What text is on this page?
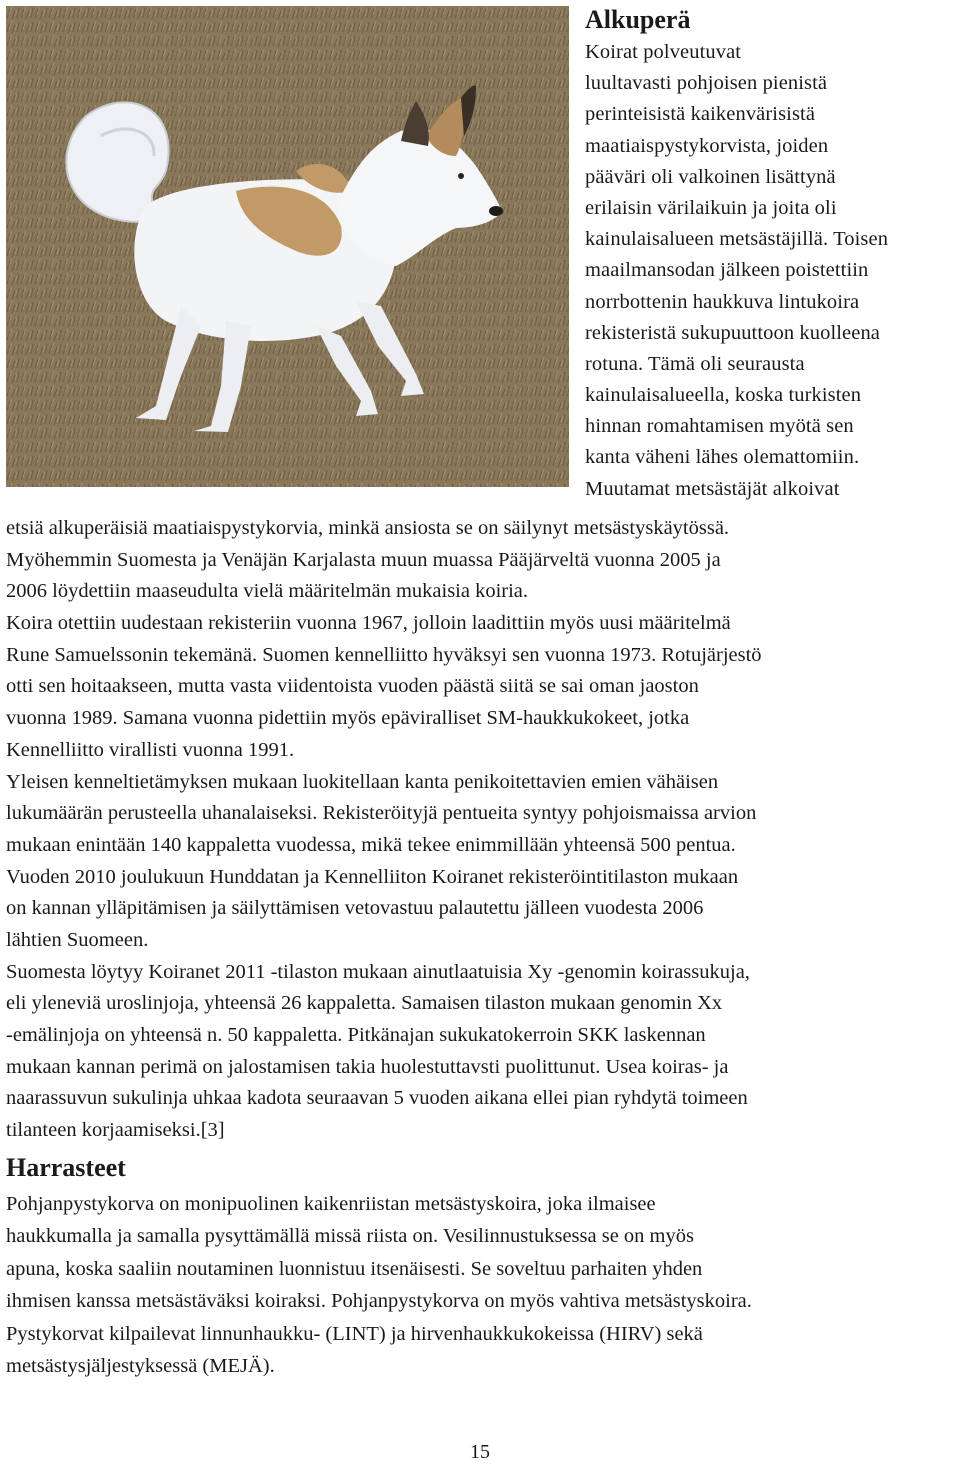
Alkuperä
Koirat polveutuvat
luultavasti pohjoisen pienistä
perinteisistä kaikenvärisistä
maatiaispystykorvista, joiden
pääväri oli valkoinen lisättynä
erilaisin värilaikuin ja joita oli
kainulaisalueen metsästäjillä. Toisen
maailmansodan jälkeen poistettiin
norrbottenin haukkuva lintukoira
rekisteristä sukupuuttoon kuolleena
rotuna. Tämä oli seurausta
kainulaisalueella, koska turkisten
hinnan romahtamisen myötä sen
kanta väheni lähes olemattomiin.
Muutamat metsästäjät alkoivat
etsiä alkuperäisiä maatiaispystykorvia, minkä ansiosta se on säilynyt metsästyskäytössä.
Myöhemmin Suomesta ja Venäjän Karjalasta muun muassa Pääjärveltä vuonna 2005 ja
2006 löydettiin maaseudulta vielä määritelmän mukaisia koiria.
Koira otettiin uudestaan rekisteriin vuonna 1967, jolloin laadittiin myös uusi määritelmä
Rune Samuelssonin tekemänä. Suomen kennelliitto hyväksyi sen vuonna 1973. Rotujärjestö
otti sen hoitaakseen, mutta vasta viidentoista vuoden päästä siitä se sai oman jaoston
vuonna 1989. Samana vuonna pidettiin myös epäviralliset SM-haukkukokeet, jotka
Kennelliitto virallisti vuonna 1991.
Yleisen kenneltietämyksen mukaan luokitellaan kanta penikoitettavien emien vähäisen
lukumäärän perusteella uhanalaiseksi. Rekisteröityjä pentueita syntyy pohjoismaissa arvion
mukaan enintään 140 kappaletta vuodessa, mikä tekee enimmillään yhteensä 500 pentua.
Vuoden 2010 joulukuun Hunddatan ja Kennelliiton Koiranet rekisteröintitilaston mukaan
on kannan ylläpitämisen ja säilyttämisen vetovastuu palautettu jälleen vuodesta 2006
lähtien Suomeen.
Suomesta löytyy Koiranet 2011 -tilaston mukaan ainutlaatuisia Xy -genomin koirassukuja,
eli yleneviä uroslinjoja, yhteensä 26 kappaletta. Samaisen tilaston mukaan genomin Xx
-emälinjoja on yhteensä n. 50 kappaletta. Pitkänajan sukukatokerroin SKK laskennan
mukaan kannan perimä on jalostamisen takia huolestuttavsti puolittunut. Usea koiras- ja
naarassuvun sukulinja uhkaa kadota seuraavan 5 vuoden aikana ellei pian ryhdytä toimeen
tilanteen korjaamiseksi.[3]
Harrasteet
Pohjanpystykorva on monipuolinen kaikenriistan metsästyskoira, joka ilmaisee
haukkumalla ja samalla pysyttämällä missä riista on. Vesilinnustuksessa se on myös
apuna, koska saaliin noutaminen luonnistuu itsenäisesti. Se soveltuu parhaiten yhden
ihmisen kanssa metsästäväksi koiraksi. Pohjanpystykorva on myös vahtiva metsästyskoira.
Pystykorvat kilpailevat linnunhaukku- (LINT) ja hirvenhaukkukokeissa (HIRV) sekä
metsästysjäljestyksessä (MEJÄ).
15
